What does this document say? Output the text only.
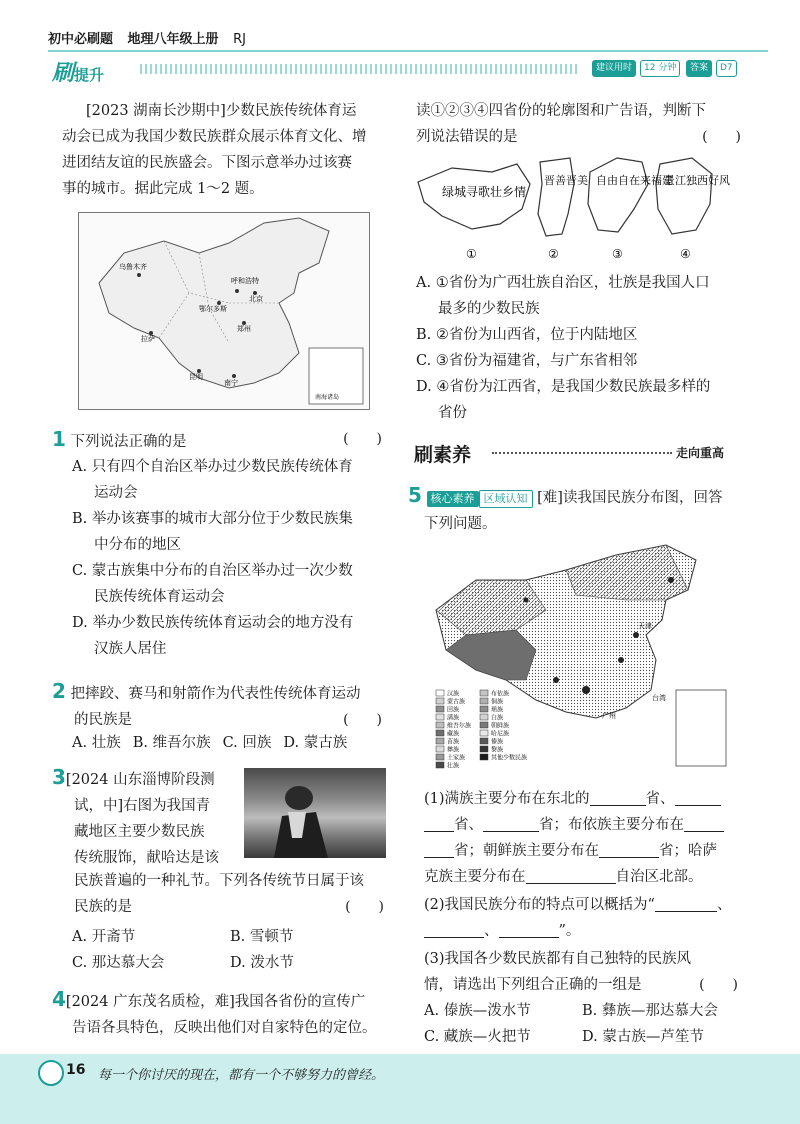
初中必刷题 地理八年级上册 RJ
刷提升	建议用时	12 分钟	答案	D7
[2023 湖南长沙期中]少数民族传统体育运
动会已成为我国少数民族群众展示体育文化、增
进团结友谊的民族盛会。下图示意举办过该赛
事的城市。据此完成 1～2 题。
南海诸岛
乌鲁木齐
呼和浩特
鄂尔多斯
北京
拉萨
郑州
昆明
南宁
1 下列说法正确的是	(　　)
A. 只有四个自治区举办过少数民族传统体育
运动会
B. 举办该赛事的城市大部分位于少数民族集
中分布的地区
C. 蒙古族集中分布的自治区举办过一次少数
民族传统体育运动会
D. 举办少数民族传统体育运动会的地方没有
汉族人居住
2 把摔跤、赛马和射箭作为代表性传统体育运动
的民族是	(　　)
A. 壮族 B. 维吾尔族 C. 回族 D. 蒙古族
3[2024 山东淄博阶段测
试，中]右图为我国青
藏地区主要少数民族
传统服饰，献哈达是该
民族普遍的一种礼节。下列各传统节日属于该
民族的是	(　　)
A. 开斋节	B. 雪顿节
C. 那达慕大会	D. 泼水节
4[2024 广东茂名质检，难]我国各省份的宣传广
告语各具特色，反映出他们对自家特色的定位。
读①②③④四省份的轮廓图和广告语，判断下
列说法错误的是	(　　)
绿城寻歌壮乡情
晋善晋美 自由自在来福建
景江独西好风
①	②	③	④
A. ①省份为广西壮族自治区，壮族是我国人口
最多的少数民族
B. ②省份为山西省，位于内陆地区
C. ③省份为福建省，与广东省相邻
D. ④省份为江西省，是我国少数民族最多样的
省份
刷素养	走向重高
5 核心素养 区域认知 [难]读我国民族分布图，回答
下列问题。
天津
台湾
广州
汉族
蒙古族
回族
满族
维吾尔族
藏族
苗族
彝族
土家族
壮族
布依族
侗族
瑶族
白族
朝鲜族
哈尼族
傣族
黎族
其他少数民族
(1)满族主要分布在东北的	省、
省、	省；布依族主要分布在
省；朝鲜族主要分布在	省；哈萨
克族主要分布在	自治区北部。
(2)我国民族分布的特点可以概括为“	、
、	”。
(3)我国各少数民族都有自己独特的民族风
情，请选出下列组合正确的一组是	(　　)
A. 傣族—泼水节	B. 彝族—那达慕大会
C. 藏族—火把节	D. 蒙古族—芦笙节
16 每一个你讨厌的现在，都有一个不够努力的曾经。
